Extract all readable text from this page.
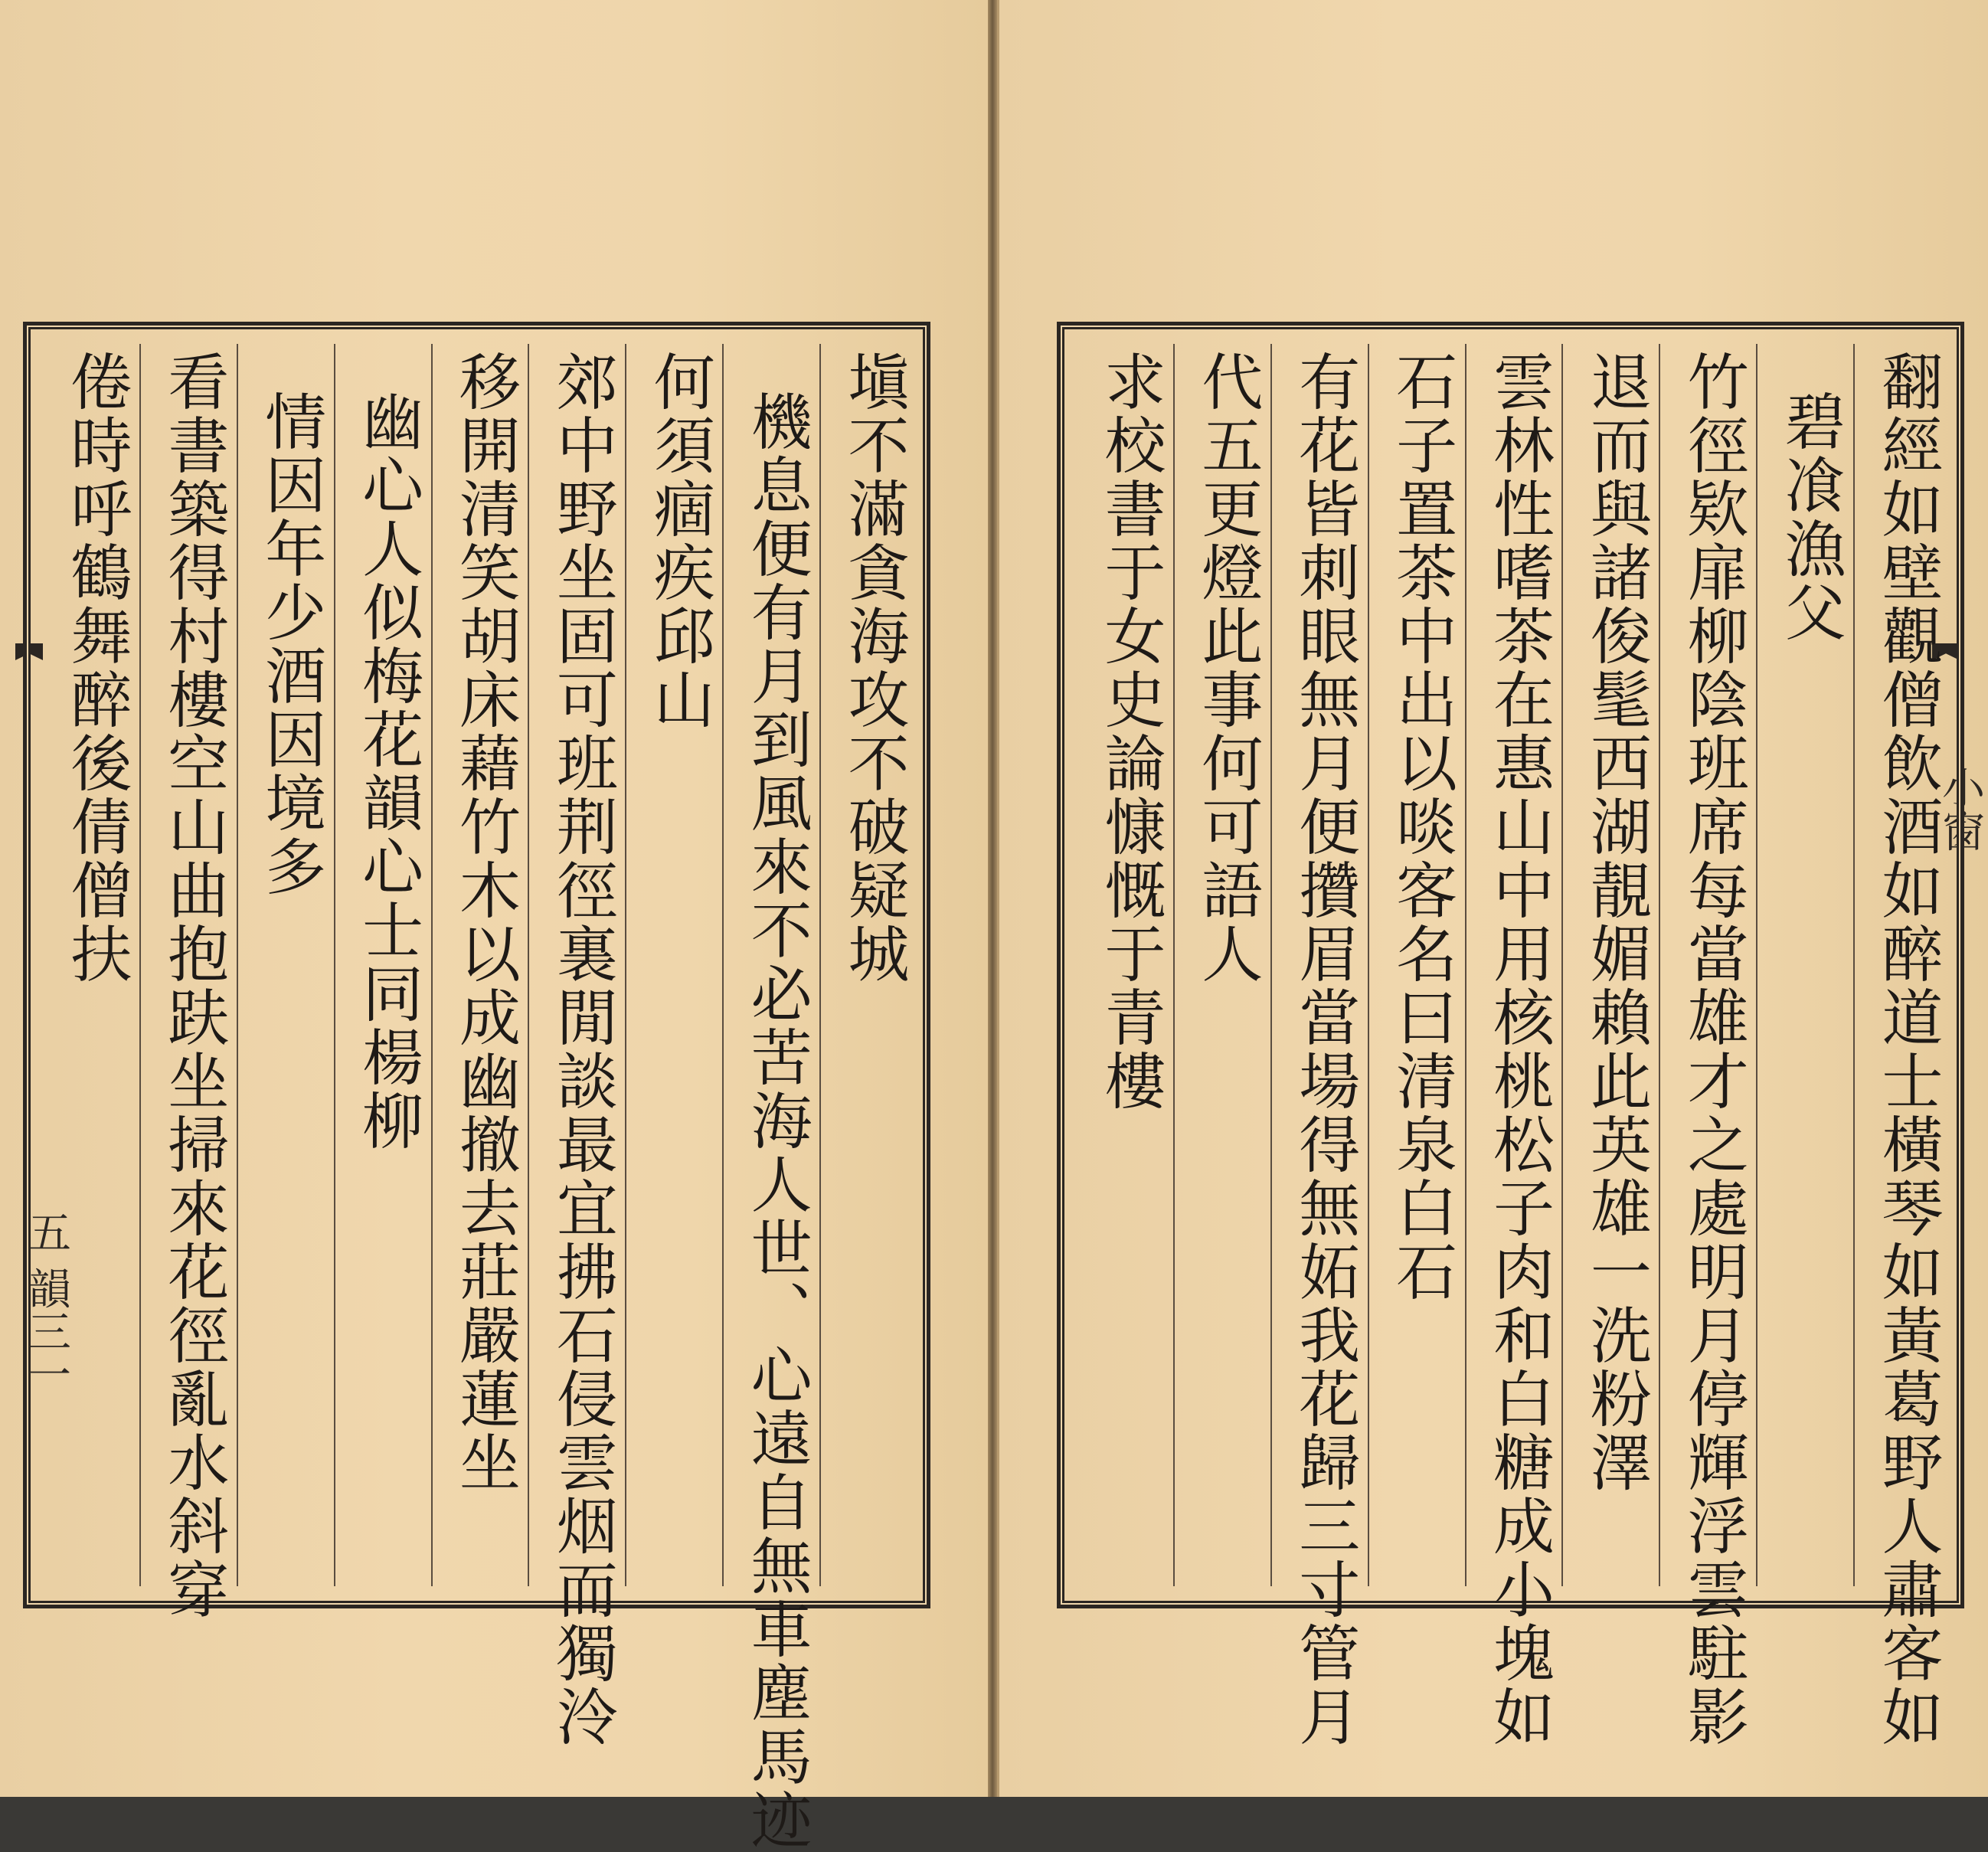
五 韻三一
塡不滿貪海攻不破疑城
機息便有月到風來不必苦海人世、心遠自無車塵馬迹
何須痼疾邱山
郊中野坐固可班荆徑裏閒談最宜拂石侵雲烟而獨泠
移開清笑胡床藉竹木以成幽撤去莊嚴蓮坐
幽心人似梅花韻心士同楊柳
情因年少酒因境多
看書築得村樓空山曲抱趺坐掃來花徑亂水斜穿
倦時呼鶴舞醉後倩僧扶	小窗
翻經如壁觀僧飲酒如醉道士橫琴如黃葛野人肅客如
碧飡漁父
竹徑欵扉柳陰班席每當雄才之處明月停輝浮雲駐影
退而與諸俊髦西湖靚媚賴此英雄一洗粉澤
雲林性嗜茶在惠山中用核桃松子肉和白糖成小塊如
石子置茶中出以啖客名曰清泉白石
有花皆刺眼無月便攢眉當場得無妬我花歸三寸管月
代五更燈此事何可語人
求校書于女史論慷慨于青樓
